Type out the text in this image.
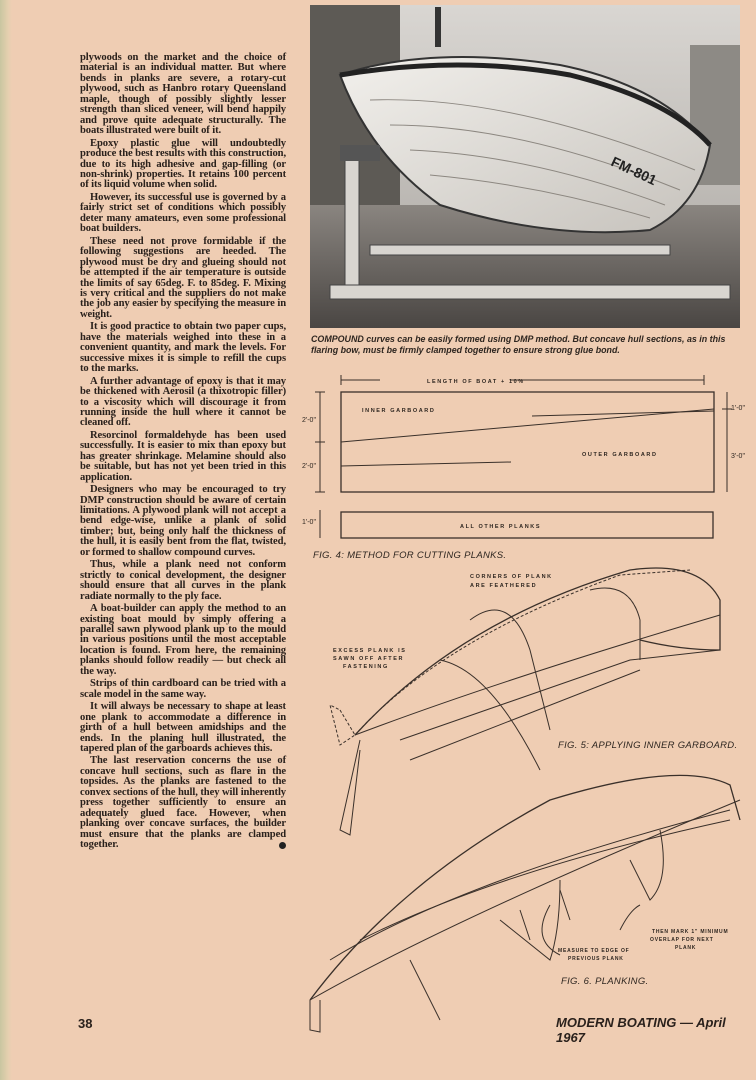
plywoods on the market and the choice of material is an individual matter. But where bends in planks are severe, a rotary-cut plywood, such as Hanbro rotary Queensland maple, though of possibly slightly lesser strength than sliced veneer, will bend happily and prove quite adequate structurally. The boats illustrated were built of it.

Epoxy plastic glue will undoubtedly produce the best results with this construction, due to its high adhesive and gap-filling (or non-shrink) properties. It retains 100 percent of its liquid volume when solid.

However, its successful use is governed by a fairly strict set of conditions which possibly deter many amateurs, even some professional boat builders.

These need not prove formidable if the following suggestions are heeded. The plywood must be dry and glueing should not be attempted if the air temperature is outside the limits of say 65deg. F. to 85deg. F. Mixing is very critical and the suppliers do not make the job any easier by specifying the measure in weight.

It is good practice to obtain two paper cups, have the materials weighed into these in a convenient quantity, and mark the levels. For successive mixes it is simple to refill the cups to the marks.

A further advantage of epoxy is that it may be thickened with Aerosil (a thixotropic filler) to a viscosity which will discourage it from running inside the hull where it cannot be cleaned off.

Resorcinol formaldehyde has been used successfully. It is easier to mix than epoxy but has greater shrinkage. Melamine should also be suitable, but has not yet been tried in this application.

Designers who may be encouraged to try DMP construction should be aware of certain limitations. A plywood plank will not accept a bend edge-wise, unlike a plank of solid timber; but, being only half the thickness of the hull, it is easily bent from the flat, twisted, or formed to shallow compound curves.

Thus, while a plank need not conform strictly to conical development, the designer should ensure that all curves in the plank radiate normally to the ply face.

A boat-builder can apply the method to an existing boat mould by simply offering a parallel sawn plywood plank up to the mould in various positions until the most acceptable location is found. From here, the remaining planks should follow readily — but check all the way.

Strips of thin cardboard can be tried with a scale model in the same way.

It will always be necessary to shape at least one plank to accommodate a difference in girth of a hull between amidships and the ends. In the planing hull illustrated, the tapered plan of the garboards achieves this.

The last reservation concerns the use of concave hull sections, such as flare in the topsides. As the planks are fastened to the convex sections of the hull, they will inherently press together sufficiently to ensure an adequately glued face. However, when planking over concave surfaces, the builder must ensure that the planks are clamped together.

FM-801
COMPOUND curves can be easily formed using DMP method. But concave hull sections, as in this flaring bow, must be firmly clamped together to ensure strong glue bond.
LENGTH OF BOAT + 10%
INNER GARBOARD
OUTER GARBOARD
ALL OTHER PLANKS
2'-0"
2'-0"
1'-0"
1'-0"
3'-0"
CORNERS OF PLANK
ARE FEATHERED
EXCESS PLANK IS
SAWN OFF AFTER
FASTENING
MEASURE TO EDGE OF
PREVIOUS PLANK
THEN MARK 1" MINIMUM
OVERLAP FOR NEXT
PLANK
FIG. 4: METHOD FOR CUTTING PLANKS.
FIG. 5: APPLYING INNER GARBOARD.
FIG. 6. PLANKING.
38	MODERN BOATING — April 1967
